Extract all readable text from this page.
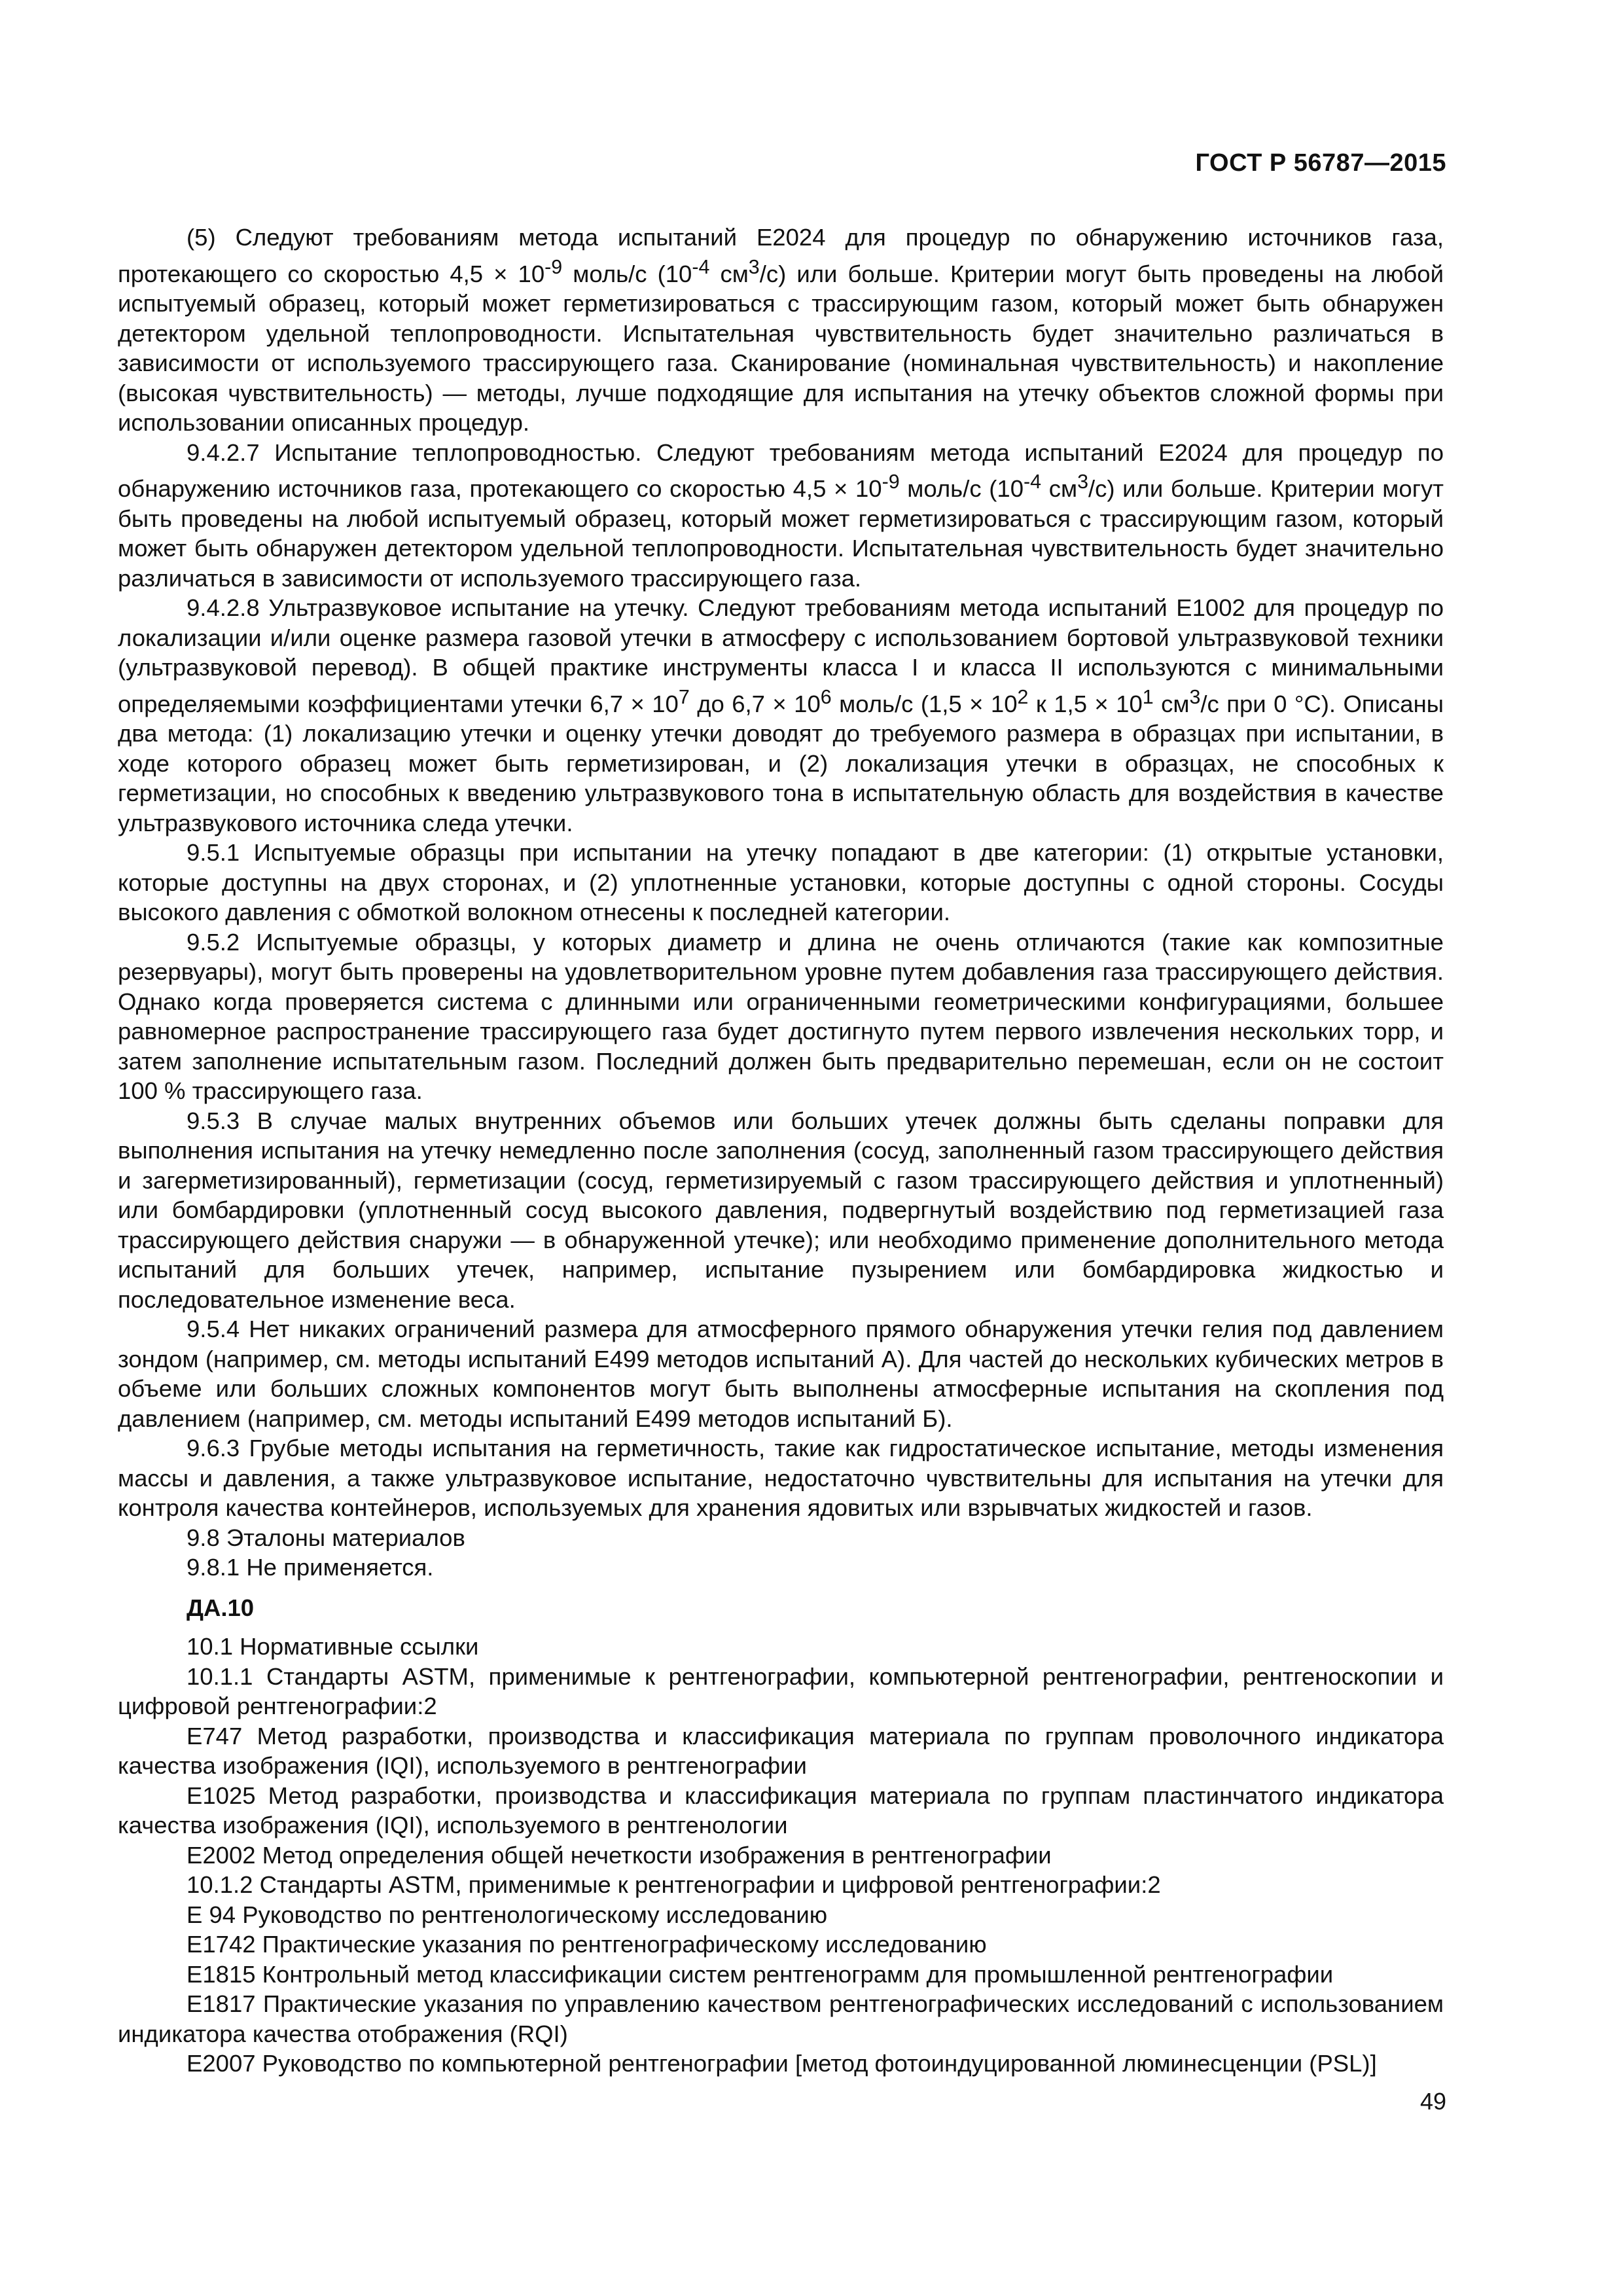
ГОСТ Р 56787—2015

(5) Следуют требованиям метода испытаний E2024 для процедур по обнаружению источников газа, протекающего со скоростью $4,5 \times 10^{-9}$ моль/с ($10^{-4}$ $см^3/с$) или больше. Критерии могут быть проведены на любой испытуемый образец, который может герметизироваться с трассирующим газом, который может быть обнаружен детектором удельной теплопроводности. Испытательная чувствительность будет значительно различаться в зависимости от используемого трассирующего газа. Сканирование (номинальная чувствительность) и накопление (высокая чувствительность) — методы, лучше подходящие для испытания на утечку объектов сложной формы при использовании описанных процедур.

9.4.2.7 Испытание теплопроводностью. Следуют требованиям метода испытаний E2024 для процедур по обнаружению источников газа, протекающего со скоростью $4,5 \times 10^{-9}$ моль/с ($10^{-4}$ $см^3/с$) или больше. Критерии могут быть проведены на любой испытуемый образец, который может герметизироваться с трассирующим газом, который может быть обнаружен детектором удельной теплопроводности. Испытательная чувствительность будет значительно различаться в зависимости от используемого трассирующего газа.

9.4.2.8 Ультразвуковое испытание на утечку. Следуют требованиям метода испытаний E1002 для процедур по локализации и/или оценке размера газовой утечки в атмосферу с использованием бортовой ультразвуковой техники (ультразвуковой перевод). В общей практике инструменты класса I и класса II используются с минимальными определяемыми коэффициентами утечки $6,7 \times 10^7$ до $6,7 \times 10^6$ моль/с ($1,5 \times 10^2$ к $1,5 \times 10^1$ $см^3/с$ при 0 °С). Описаны два метода: (1) локализацию утечки и оценку утечки доводят до требуемого размера в образцах при испытании, в ходе которого образец может быть герметизирован, и (2) локализация утечки в образцах, не способных к герметизации, но способных к введению ультразвукового тона в испытательную область для воздействия в качестве ультразвукового источника следа утечки.

9.5.1 Испытуемые образцы при испытании на утечку попадают в две категории: (1) открытые установки, которые доступны на двух сторонах, и (2) уплотненные установки, которые доступны с одной стороны. Сосуды высокого давления с обмоткой волокном отнесены к последней категории.

9.5.2 Испытуемые образцы, у которых диаметр и длина не очень отличаются (такие как композитные резервуары), могут быть проверены на удовлетворительном уровне путем добавления газа трассирующего действия. Однако когда проверяется система с длинными или ограниченными геометрическими конфигурациями, большее равномерное распространение трассирующего газа будет достигнуто путем первого извлечения нескольких торр, и затем заполнение испытательным газом. Последний должен быть предварительно перемешан, если он не состоит 100 % трассирующего газа.

9.5.3 В случае малых внутренних объемов или больших утечек должны быть сделаны поправки для выполнения испытания на утечку немедленно после заполнения (сосуд, заполненный газом трассирующего действия и загерметизированный), герметизации (сосуд, герметизируемый с газом трассирующего действия и уплотненный) или бомбардировки (уплотненный сосуд высокого давления, подвергнутый воздействию под герметизацией газа трассирующего действия снаружи — в обнаруженной утечке); или необходимо применение дополнительного метода испытаний для больших утечек, например, испытание пузырением или бомбардировка жидкостью и последовательное изменение веса.

9.5.4 Нет никаких ограничений размера для атмосферного прямого обнаружения утечки гелия под давлением зондом (например, см. методы испытаний E499 методов испытаний А). Для частей до нескольких кубических метров в объеме или больших сложных компонентов могут быть выполнены атмосферные испытания на скопления под давлением (например, см. методы испытаний E499 методов испытаний Б).

9.6.3 Грубые методы испытания на герметичность, такие как гидростатическое испытание, методы изменения массы и давления, а также ультразвуковое испытание, недостаточно чувствительны для испытания на утечки для контроля качества контейнеров, используемых для хранения ядовитых или взрывчатых жидкостей и газов.

9.8 Эталоны материалов

9.8.1 Не применяется.

ДА.10

10.1 Нормативные ссылки

10.1.1 Стандарты ASTM, применимые к рентгенографии, компьютерной рентгенографии, рентгеноскопии и цифровой рентгенографии:2

E747 Метод разработки, производства и классификация материала по группам проволочного индикатора качества изображения (IQI), используемого в рентгенографии

E1025 Метод разработки, производства и классификация материала по группам пластинчатого индикатора качества изображения (IQI), используемого в рентгенологии

E2002 Метод определения общей нечеткости изображения в рентгенографии

10.1.2 Стандарты ASTM, применимые к рентгенографии и цифровой рентгенографии:2

E 94 Руководство по рентгенологическому исследованию

E1742 Практические указания по рентгенографическому исследованию

E1815 Контрольный метод классификации систем рентгенограмм для промышленной рентгенографии

E1817 Практические указания по управлению качеством рентгенографических исследований с использованием индикатора качества отображения (RQI)

E2007 Руководство по компьютерной рентгенографии [метод фотоиндуцированной люминесценции (PSL)]

49
